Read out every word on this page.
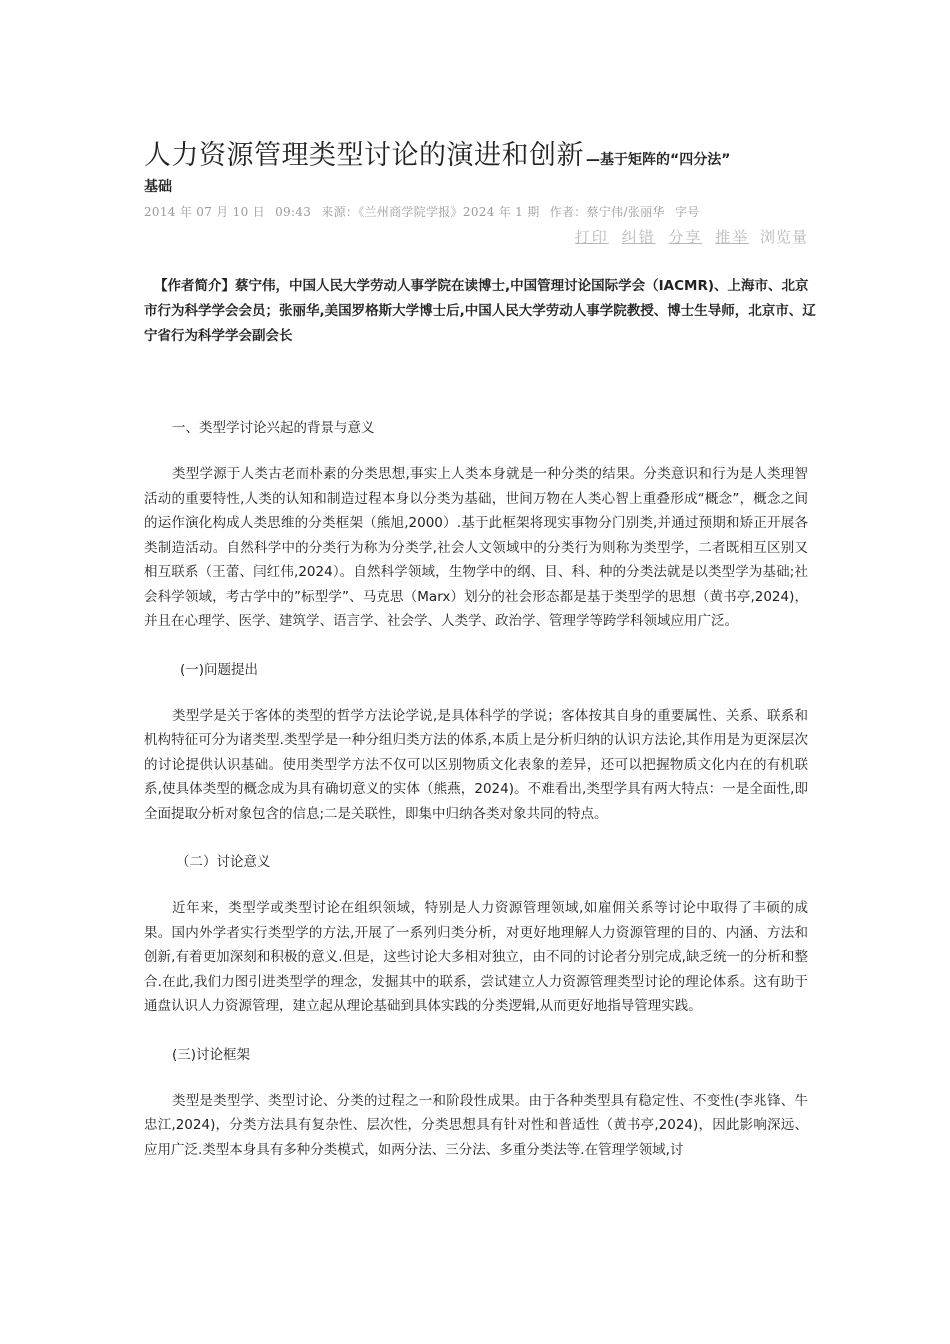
人力资源管理类型讨论的演进和创新 —基于矩阵的“四分法”
基础
2014 年 07 月 10 日 09:43 来源：《兰州商学院学报》2024 年 1 期 作者：蔡宁伟/张丽华 字号
打印 纠错 分享 推举 浏览量
【作者简介】蔡宁伟，中国人民大学劳动人事学院在读博士,中国管理讨论国际学会（IACMR)、上海市、北京市行为科学学会会员；张丽华,美国罗格斯大学博士后,中国人民大学劳动人事学院教授、博士生导师，北京市、辽宁省行为科学学会副会长
一、类型学讨论兴起的背景与意义

类型学源于人类古老而朴素的分类思想,事实上人类本身就是一种分类的结果。分类意识和行为是人类理智活动的重要特性,人类的认知和制造过程本身以分类为基础，世间万物在人类心智上重叠形成“概念”，概念之间的运作演化构成人类思维的分类框架（熊旭,2000）.基于此框架将现实事物分门别类,并通过预期和矫正开展各类制造活动。自然科学中的分类行为称为分类学,社会人文领域中的分类行为则称为类型学，二者既相互区别又相互联系（王蕾、闫红伟,2024）。自然科学领域，生物学中的纲、目、科、种的分类法就是以类型学为基础;社会科学领域，考古学中的”标型学”、马克思（Marx）划分的社会形态都是基于类型学的思想（黄书亭,2024)，并且在心理学、医学、建筑学、语言学、社会学、人类学、政治学、管理学等跨学科领域应用广泛。

(一)问题提出

类型学是关于客体的类型的哲学方法论学说,是具体科学的学说；客体按其自身的重要属性、关系、联系和机构特征可分为诸类型.类型学是一种分组归类方法的体系,本质上是分析归纳的认识方法论,其作用是为更深层次的讨论提供认识基础。使用类型学方法不仅可以区别物质文化表象的差异，还可以把握物质文化内在的有机联系,使具体类型的概念成为具有确切意义的实体（熊燕，2024)。不难看出,类型学具有两大特点：一是全面性,即全面提取分析对象包含的信息;二是关联性，即集中归纳各类对象共同的特点。

（二）讨论意义

近年来，类型学或类型讨论在组织领域，特别是人力资源管理领域,如雇佣关系等讨论中取得了丰硕的成果。国内外学者实行类型学的方法,开展了一系列归类分析，对更好地理解人力资源管理的目的、内涵、方法和创新,有着更加深刻和积极的意义.但是，这些讨论大多相对独立，由不同的讨论者分别完成,缺乏统一的分析和整合.在此,我们力图引进类型学的理念，发掘其中的联系，尝试建立人力资源管理类型讨论的理论体系。这有助于通盘认识人力资源管理，建立起从理论基础到具体实践的分类逻辑,从而更好地指导管理实践。

(三)讨论框架

类型是类型学、类型讨论、分类的过程之一和阶段性成果。由于各种类型具有稳定性、不变性(李兆锋、牛忠江,2024)，分类方法具有复杂性、层次性，分类思想具有针对性和普适性（黄书亭,2024)，因此影响深远、应用广泛.类型本身具有多种分类模式，如两分法、三分法、多重分类法等.在管理学领域,讨
